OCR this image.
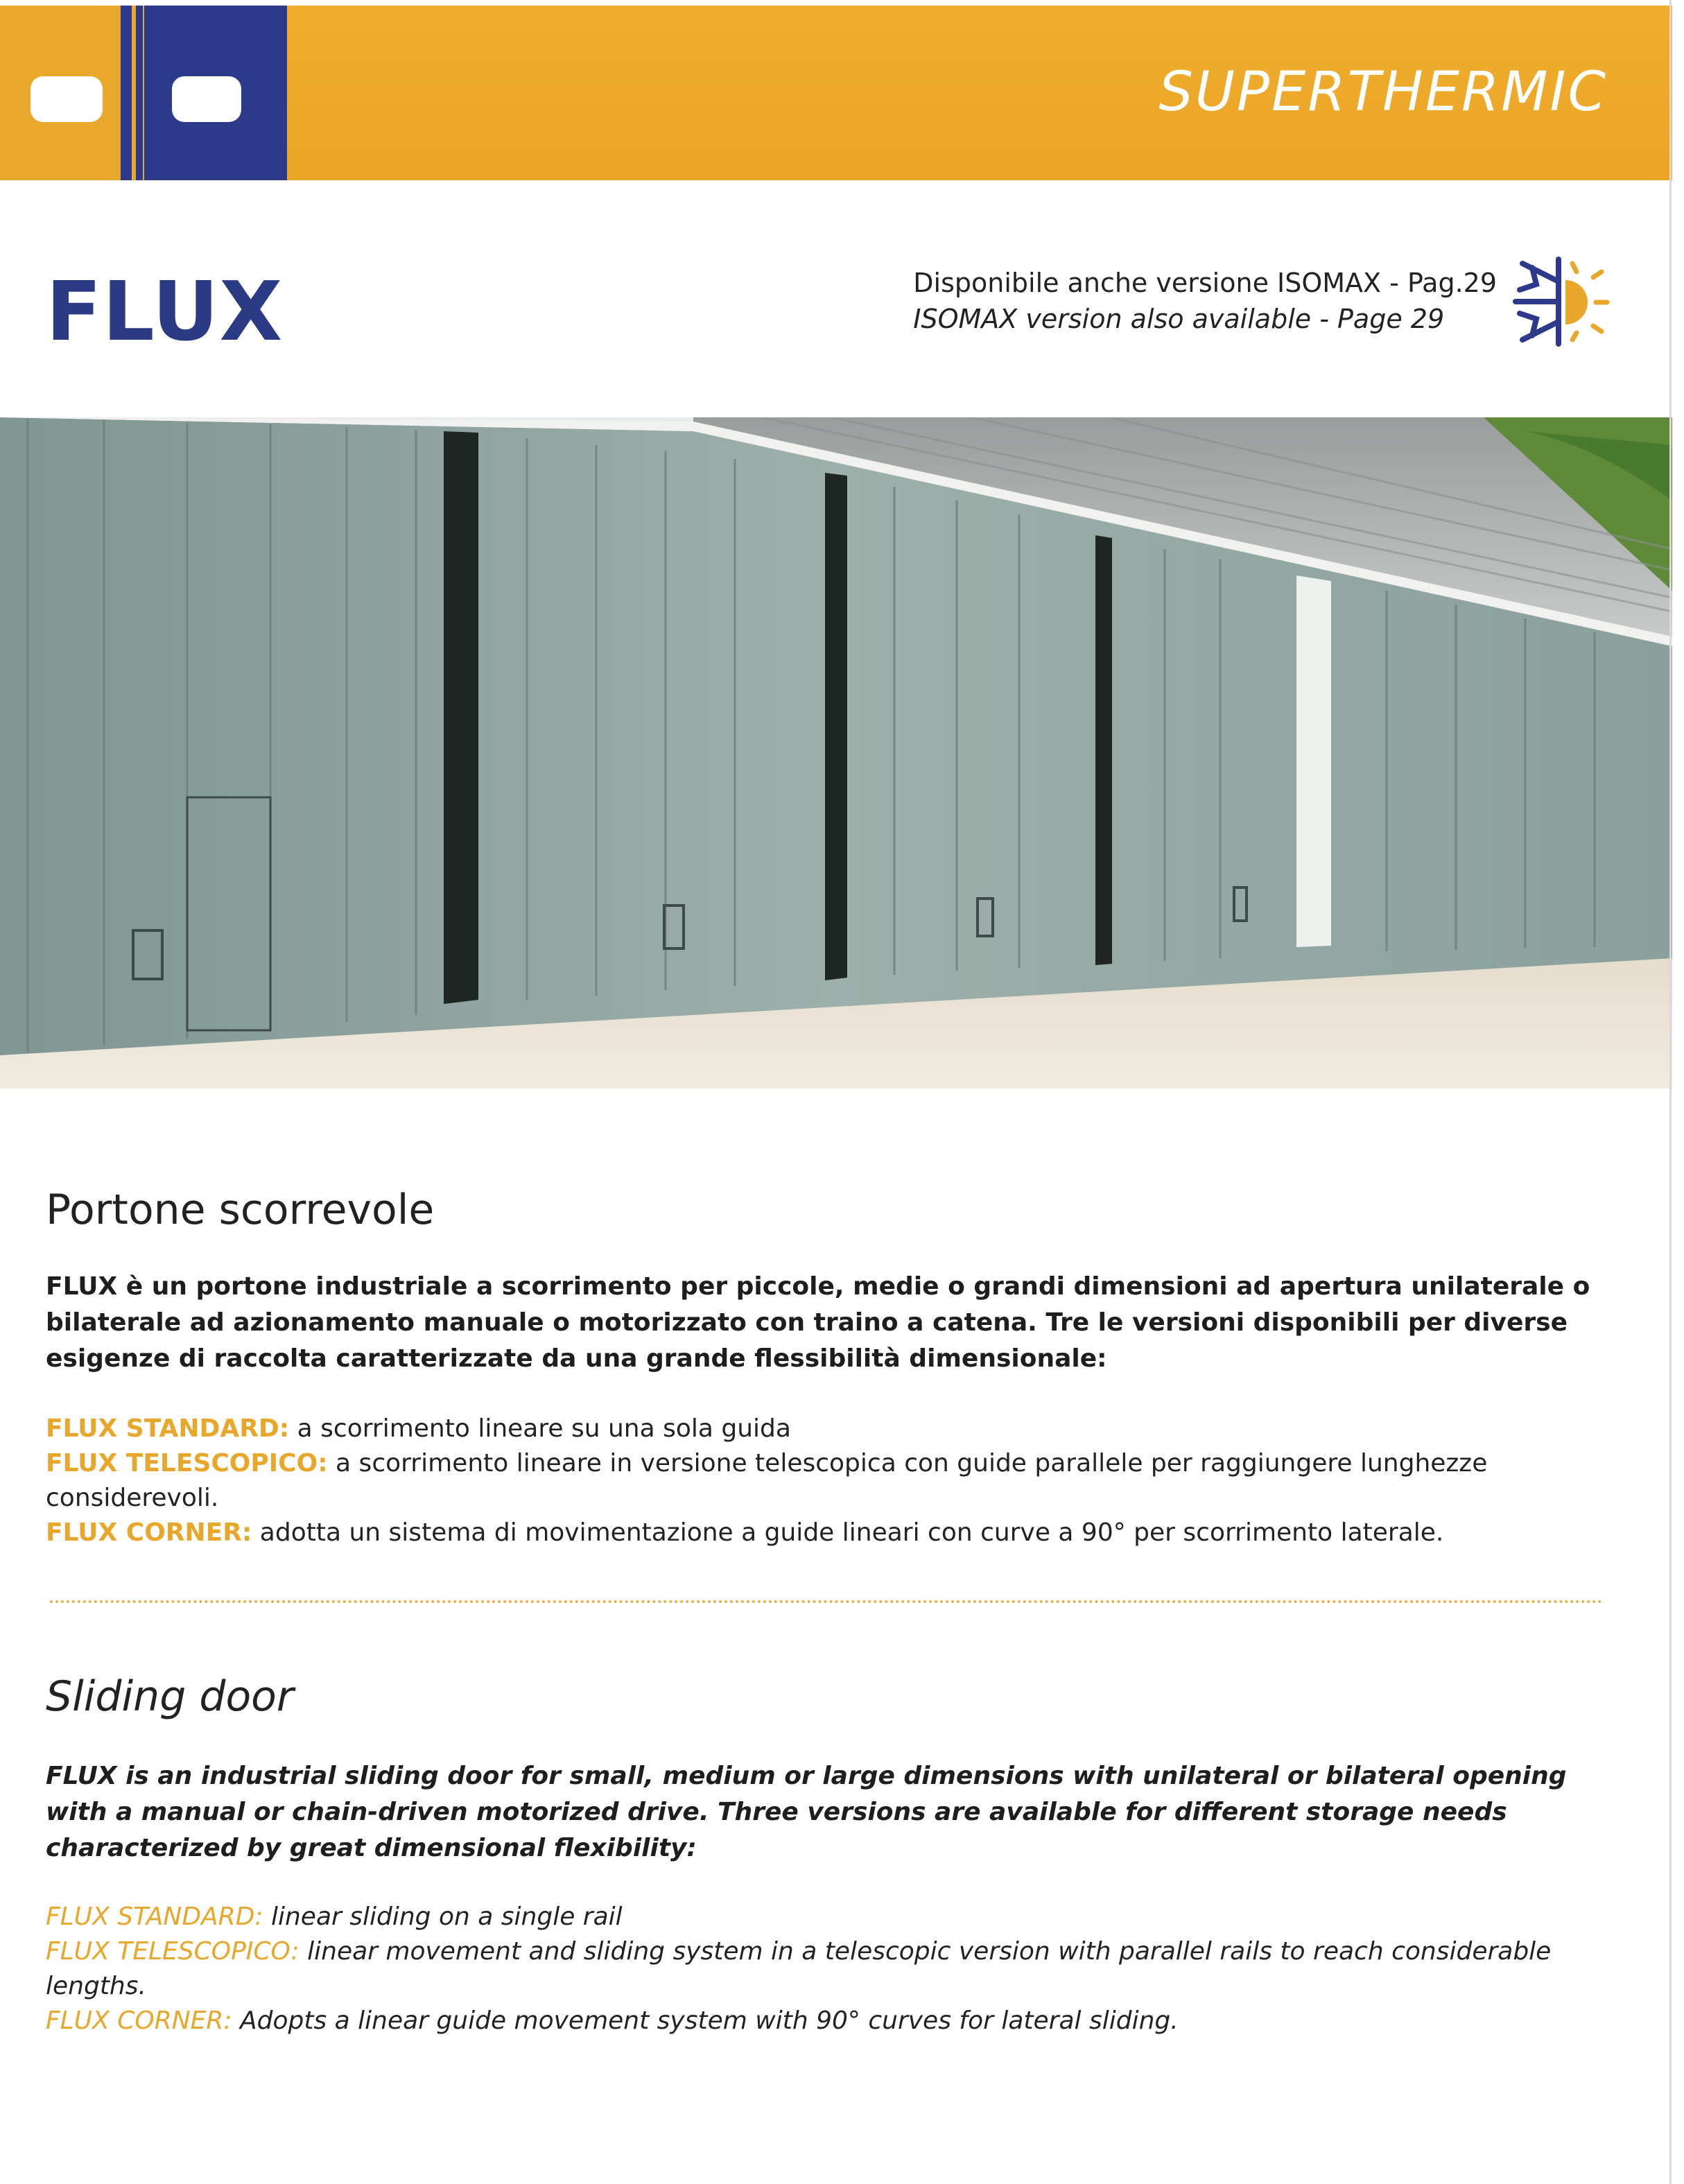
SUPERTHERMIC
FLUX	Disponibile anche versione ISOMAX - Pag.29
ISOMAX version also available - Page 29
Portone scorrevole

FLUX è un portone industriale a scorrimento per piccole, medie o grandi dimensioni ad apertura unilaterale o bilaterale ad azionamento manuale o motorizzato con traino a catena. Tre le versioni disponibili per diverse esigenze di raccolta caratterizzate da una grande flessibilità dimensionale:

FLUX STANDARD: a scorrimento lineare su una sola guida
FLUX TELESCOPICO: a scorrimento lineare in versione telescopica con guide parallele per raggiungere lunghezze considerevoli.
FLUX CORNER: adotta un sistema di movimentazione a guide lineari con curve a 90° per scorrimento laterale.
Sliding door

FLUX is an industrial sliding door for small, medium or large dimensions with unilateral or bilateral opening with a manual or chain-driven motorized drive. Three versions are available for different storage needs characterized by great dimensional flexibility:

FLUX STANDARD: linear sliding on a single rail
FLUX TELESCOPICO: linear movement and sliding system in a telescopic version with parallel rails to reach considerable lengths.
FLUX CORNER: Adopts a linear guide movement system with 90° curves for lateral sliding.
